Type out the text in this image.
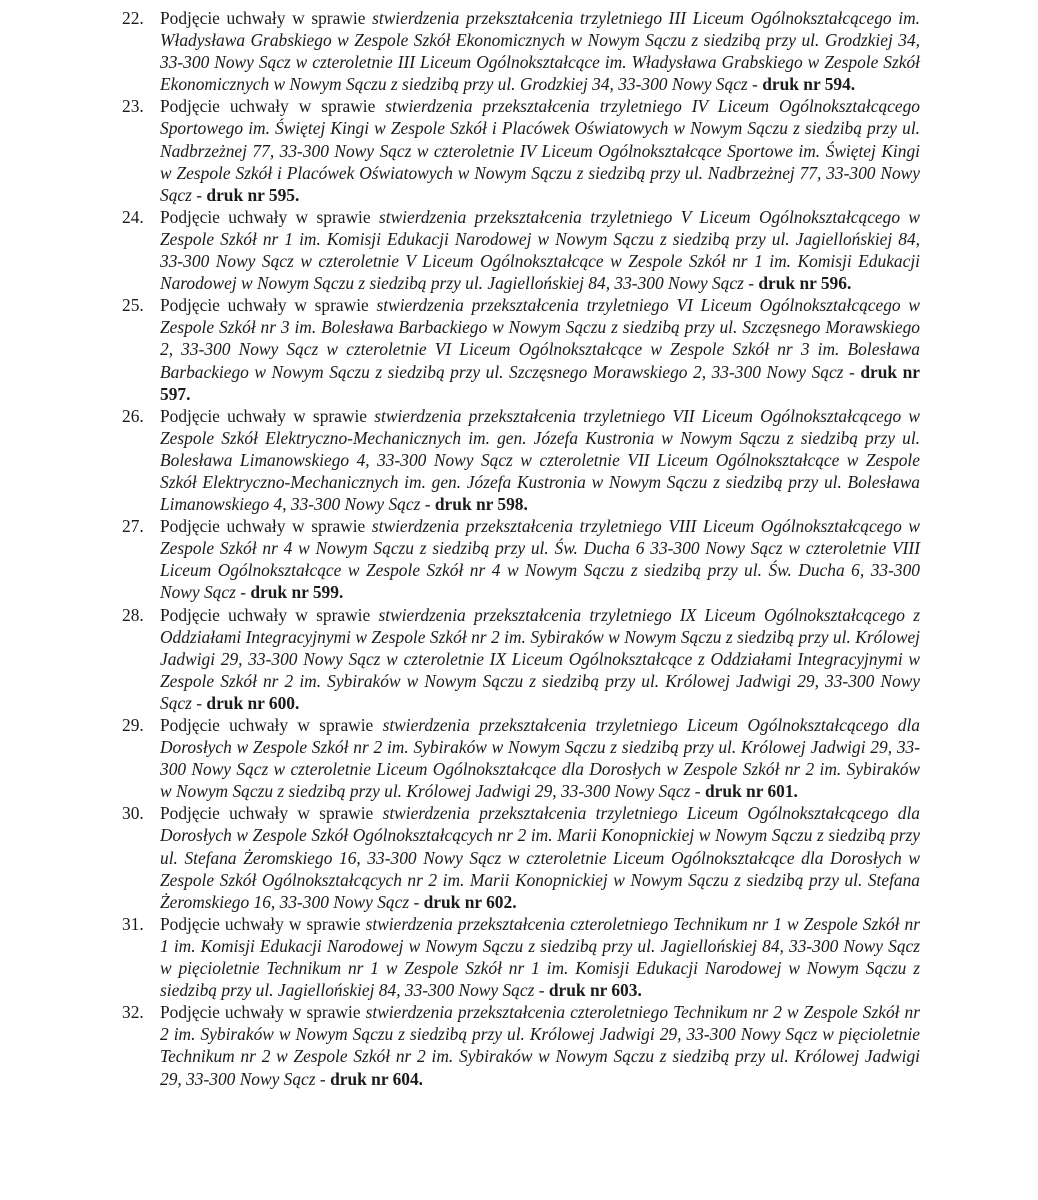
22. Podjęcie uchwały w sprawie stwierdzenia przekształcenia trzyletniego III Liceum Ogólnokształcącego im. Władysława Grabskiego w Zespole Szkół Ekonomicznych w Nowym Sączu z siedzibą przy ul. Grodzkiej 34, 33-300 Nowy Sącz w czteroletnie III Liceum Ogólnokształcące im. Władysława Grabskiego w Zespole Szkół Ekonomicznych w Nowym Sączu z siedzibą przy ul. Grodzkiej 34, 33-300 Nowy Sącz - druk nr 594.
23. Podjęcie uchwały w sprawie stwierdzenia przekształcenia trzyletniego IV Liceum Ogólnokształcącego Sportowego im. Świętej Kingi w Zespole Szkół i Placówek Oświatowych w Nowym Sączu z siedzibą przy ul. Nadbrzeżnej 77, 33-300 Nowy Sącz w czteroletnie IV Liceum Ogólnokształcące Sportowe im. Świętej Kingi w Zespole Szkół i Placówek Oświatowych w Nowym Sączu z siedzibą przy ul. Nadbrzeżnej 77, 33-300 Nowy Sącz - druk nr 595.
24. Podjęcie uchwały w sprawie stwierdzenia przekształcenia trzyletniego V Liceum Ogólnokształcącego w Zespole Szkół nr 1 im. Komisji Edukacji Narodowej w Nowym Sączu z siedzibą przy ul. Jagiellońskiej 84, 33-300 Nowy Sącz w czteroletnie V Liceum Ogólnokształcące w Zespole Szkół nr 1 im. Komisji Edukacji Narodowej w Nowym Sączu z siedzibą przy ul. Jagiellońskiej 84, 33-300 Nowy Sącz - druk nr 596.
25. Podjęcie uchwały w sprawie stwierdzenia przekształcenia trzyletniego VI Liceum Ogólnokształcącego w Zespole Szkół nr 3 im. Bolesława Barbackiego w Nowym Sączu z siedzibą przy ul. Szczęsnego Morawskiego 2, 33-300 Nowy Sącz w czteroletnie VI Liceum Ogólnokształcące w Zespole Szkół nr 3 im. Bolesława Barbackiego w Nowym Sączu z siedzibą przy ul. Szczęsnego Morawskiego 2, 33-300 Nowy Sącz - druk nr 597.
26. Podjęcie uchwały w sprawie stwierdzenia przekształcenia trzyletniego VII Liceum Ogólnokształcącego w Zespole Szkół Elektryczno-Mechanicznych im. gen. Józefa Kustronia w Nowym Sączu z siedzibą przy ul. Bolesława Limanowskiego 4, 33-300 Nowy Sącz w czteroletnie VII Liceum Ogólnokształcące w Zespole Szkół Elektryczno-Mechanicznych im. gen. Józefa Kustronia w Nowym Sączu z siedzibą przy ul. Bolesława Limanowskiego 4, 33-300 Nowy Sącz - druk nr 598.
27. Podjęcie uchwały w sprawie stwierdzenia przekształcenia trzyletniego VIII Liceum Ogólnokształcącego w Zespole Szkół nr 4 w Nowym Sączu z siedzibą przy ul. Św. Ducha 6 33-300 Nowy Sącz w czteroletnie VIII Liceum Ogólnokształcące w Zespole Szkół nr 4 w Nowym Sączu z siedzibą przy ul. Św. Ducha 6, 33-300 Nowy Sącz - druk nr 599.
28. Podjęcie uchwały w sprawie stwierdzenia przekształcenia trzyletniego IX Liceum Ogólnokształcącego z Oddziałami Integracyjnymi w Zespole Szkół nr 2 im. Sybiraków w Nowym Sączu z siedzibą przy ul. Królowej Jadwigi 29, 33-300 Nowy Sącz w czteroletnie IX Liceum Ogólnokształcące z Oddziałami Integracyjnymi w Zespole Szkół nr 2 im. Sybiraków w Nowym Sączu z siedzibą przy ul. Królowej Jadwigi 29, 33-300 Nowy Sącz - druk nr 600.
29. Podjęcie uchwały w sprawie stwierdzenia przekształcenia trzyletniego Liceum Ogólnokształcącego dla Dorosłych w Zespole Szkół nr 2 im. Sybiraków w Nowym Sączu z siedzibą przy ul. Królowej Jadwigi 29, 33-300 Nowy Sącz w czteroletnie Liceum Ogólnokształcące dla Dorosłych w Zespole Szkół nr 2 im. Sybiraków w Nowym Sączu z siedzibą przy ul. Królowej Jadwigi 29, 33-300 Nowy Sącz - druk nr 601.
30. Podjęcie uchwały w sprawie stwierdzenia przekształcenia trzyletniego Liceum Ogólnokształcącego dla Dorosłych w Zespole Szkół Ogólnokształcących nr 2 im. Marii Konopnickiej w Nowym Sączu z siedzibą przy ul. Stefana Żeromskiego 16, 33-300 Nowy Sącz w czteroletnie Liceum Ogólnokształcące dla Dorosłych w Zespole Szkół Ogólnokształcących nr 2 im. Marii Konopnickiej w Nowym Sączu z siedzibą przy ul. Stefana Żeromskiego 16, 33-300 Nowy Sącz - druk nr 602.
31. Podjęcie uchwały w sprawie stwierdzenia przekształcenia czteroletniego Technikum nr 1 w Zespole Szkół nr 1 im. Komisji Edukacji Narodowej w Nowym Sączu z siedzibą przy ul. Jagiellońskiej 84, 33-300 Nowy Sącz w pięcioletnie Technikum nr 1 w Zespole Szkół nr 1 im. Komisji Edukacji Narodowej w Nowym Sączu z siedzibą przy ul. Jagiellońskiej 84, 33-300 Nowy Sącz - druk nr 603.
32. Podjęcie uchwały w sprawie stwierdzenia przekształcenia czteroletniego Technikum nr 2 w Zespole Szkół nr 2 im. Sybiraków w Nowym Sączu z siedzibą przy ul. Królowej Jadwigi 29, 33-300 Nowy Sącz w pięcioletnie Technikum nr 2 w Zespole Szkół nr 2 im. Sybiraków w Nowym Sączu z siedzibą przy ul. Królowej Jadwigi 29, 33-300 Nowy Sącz - druk nr 604.
